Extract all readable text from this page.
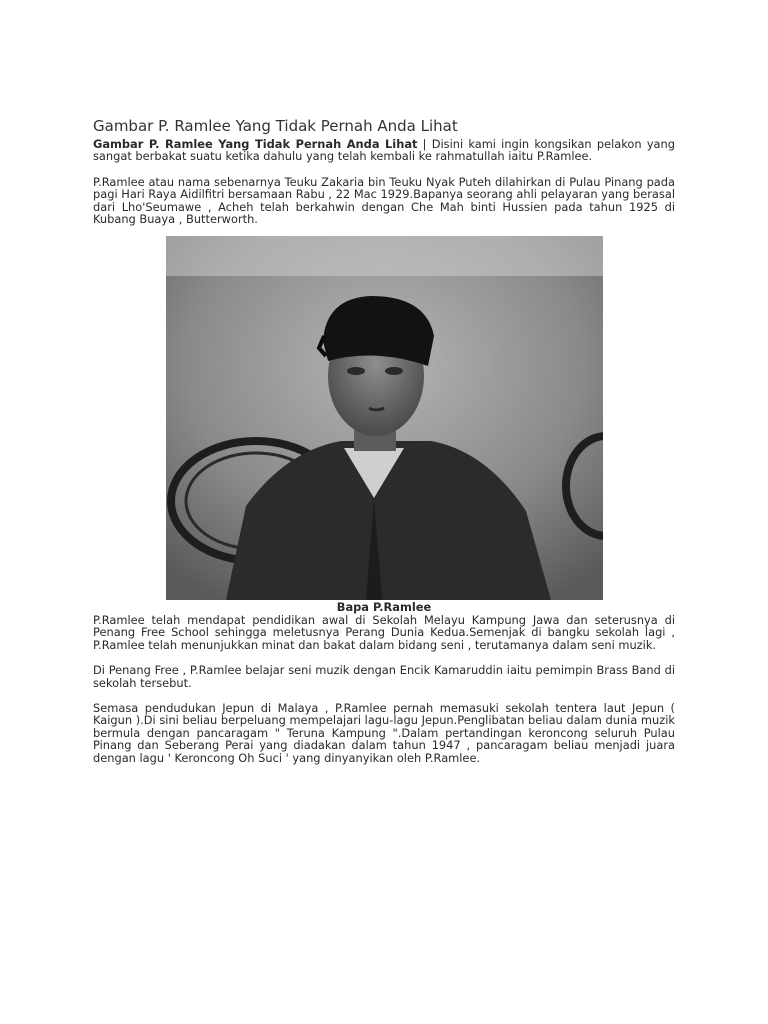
Gambar P. Ramlee Yang Tidak Pernah Anda Lihat

Gambar P. Ramlee Yang Tidak Pernah Anda Lihat | Disini kami ingin kongsikan pelakon yang sangat berbakat suatu ketika dahulu yang telah kembali ke rahmatullah iaitu P.Ramlee.

P.Ramlee atau nama sebenarnya Teuku Zakaria bin Teuku Nyak Puteh dilahirkan di Pulau Pinang pada pagi Hari Raya Aidilfitri bersamaan Rabu , 22 Mac 1929.Bapanya seorang ahli pelayaran yang berasal dari Lho'Seumawe , Acheh telah berkahwin dengan Che Mah binti Hussien pada tahun 1925 di Kubang Buaya , Butterworth.

Bapa P.Ramlee

P.Ramlee telah mendapat pendidikan awal di Sekolah Melayu Kampung Jawa dan seterusnya di Penang Free School sehingga meletusnya Perang Dunia Kedua.Semenjak di bangku sekolah lagi , P.Ramlee telah menunjukkan minat dan bakat dalam bidang seni , terutamanya dalam seni muzik.

Di Penang Free , P.Ramlee belajar seni muzik dengan Encik Kamaruddin iaitu pemimpin Brass Band di sekolah tersebut.

Semasa pendudukan Jepun di Malaya , P.Ramlee pernah memasuki sekolah tentera laut Jepun ( Kaigun ).Di sini beliau berpeluang mempelajari lagu-lagu Jepun.Penglibatan beliau dalam dunia muzik bermula dengan pancaragam " Teruna Kampung ".Dalam pertandingan keroncong seluruh Pulau Pinang dan Seberang Perai yang diadakan dalam tahun 1947 , pancaragam beliau menjadi juara dengan lagu ' Keroncong Oh Suci ' yang dinyanyikan oleh P.Ramlee.
